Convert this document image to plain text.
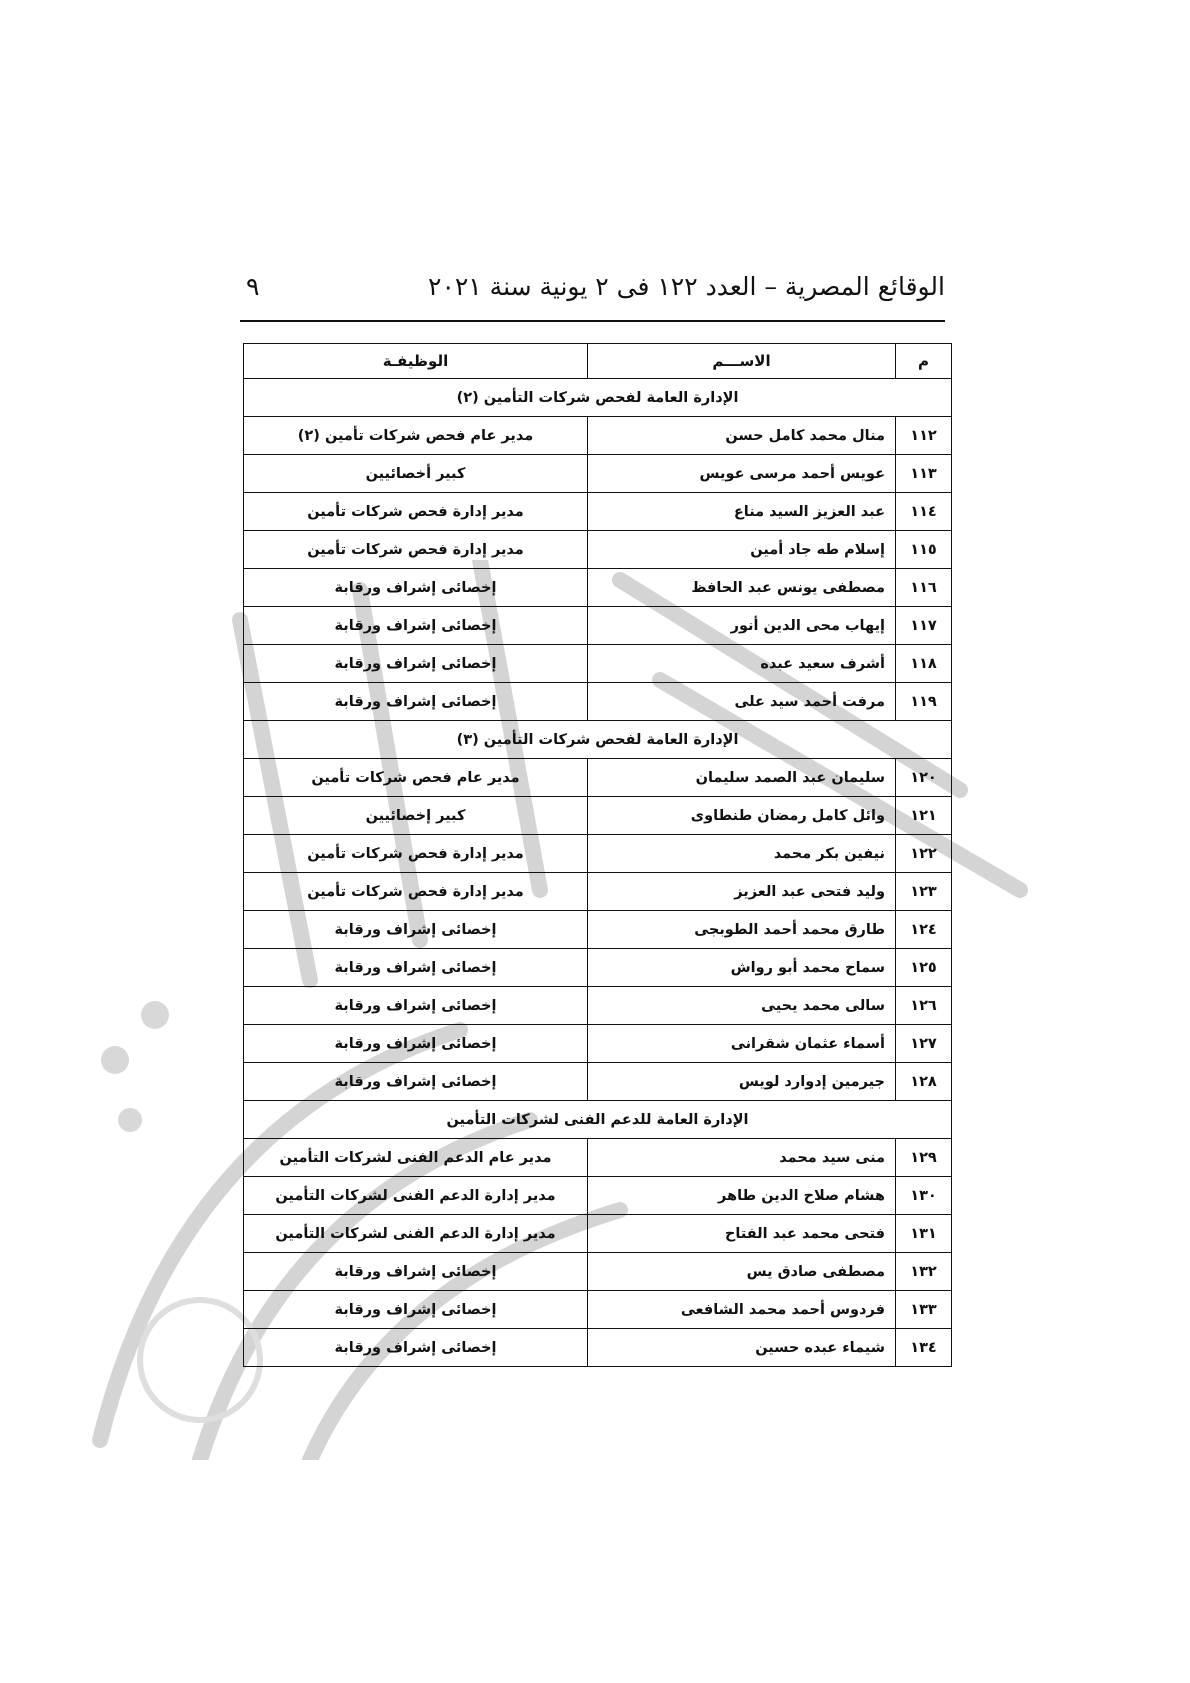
الوقائع المصرية – العدد ١٢٢ فى ٢ يونية سنة ٢٠٢١
٩
م	الاســـم	الوظيفـة
الإدارة العامة لفحص شركات التأمين (٢)		
١١٢	منال محمد كامل حسن	مدير عام فحص شركات تأمين (٢)
١١٣	عويس أحمد مرسى عويس	كبير أخصائيين
١١٤	عبد العزيز السيد مناع	مدير إدارة فحص شركات تأمين
١١٥	إسلام طه جاد أمين	مدير إدارة فحص شركات تأمين
١١٦	مصطفى يونس عبد الحافظ	إخصائى إشراف ورقابة
١١٧	إيهاب محى الدين أنور	إخصائى إشراف ورقابة
١١٨	أشرف سعيد عبده	إخصائى إشراف ورقابة
١١٩	مرفت أحمد سيد على	إخصائى إشراف ورقابة
الإدارة العامة لفحص شركات التأمين (٣)		
١٢٠	سليمان عبد الصمد سليمان	مدير عام فحص شركات تأمين
١٢١	وائل كامل رمضان طنطاوى	كبير إخصائيين
١٢٢	نيفين بكر محمد	مدير إدارة فحص شركات تأمين
١٢٣	وليد فتحى عبد العزيز	مدير إدارة فحص شركات تأمين
١٢٤	طارق محمد أحمد الطوبجى	إخصائى إشراف ورقابة
١٢٥	سماح محمد أبو رواش	إخصائى إشراف ورقابة
١٢٦	سالى محمد يحيى	إخصائى إشراف ورقابة
١٢٧	أسماء عثمان شقرانى	إخصائى إشراف ورقابة
١٢٨	جيرمين إدوارد لويس	إخصائى إشراف ورقابة
الإدارة العامة للدعم الفنى لشركات التأمين		
١٢٩	منى سيد محمد	مدير عام الدعم الفنى لشركات التأمين
١٣٠	هشام صلاح الدين طاهر	مدير إدارة الدعم الفنى لشركات التأمين
١٣١	فتحى محمد عبد الفتاح	مدير إدارة الدعم الفنى لشركات التأمين
١٣٢	مصطفى صادق يس	إخصائى إشراف ورقابة
١٣٣	فردوس أحمد محمد الشافعى	إخصائى إشراف ورقابة
١٣٤	شيماء عبده حسين	إخصائى إشراف ورقابة
